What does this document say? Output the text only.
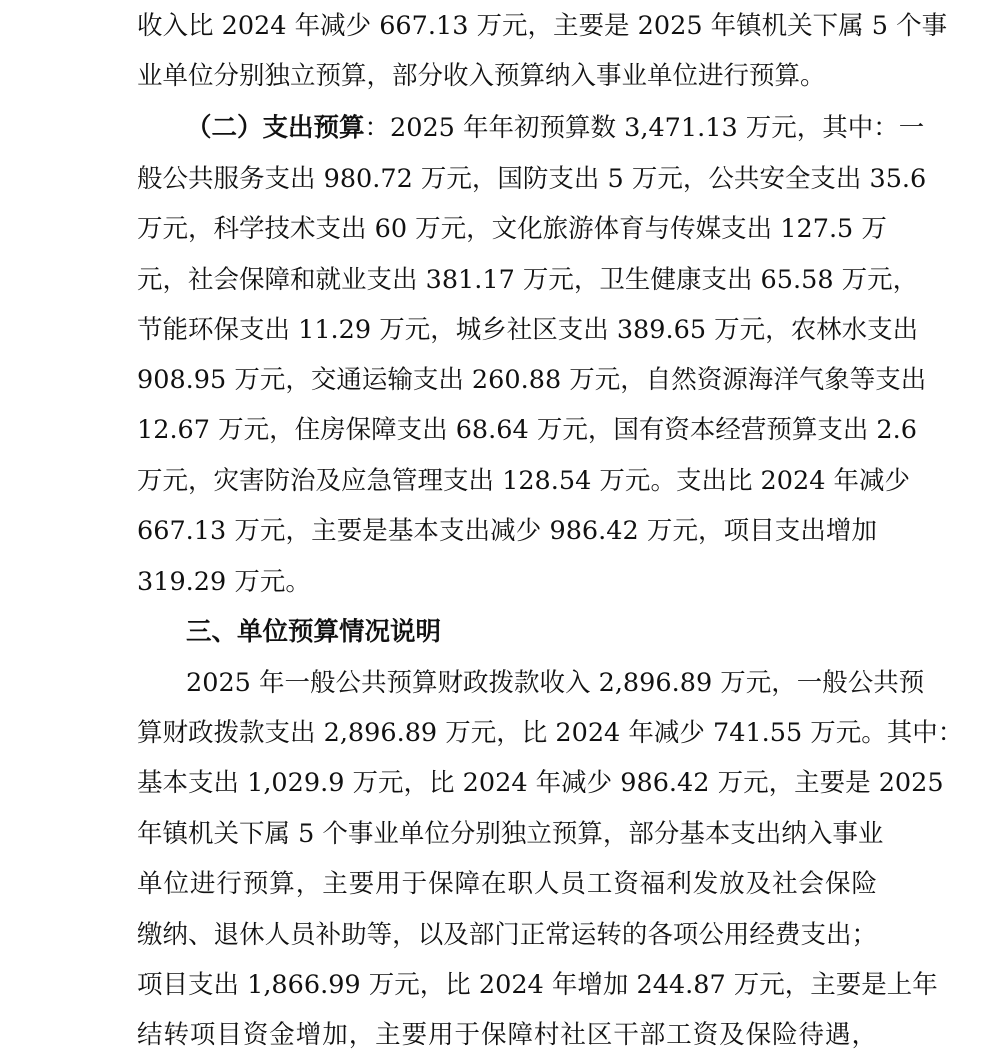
收入比 2024 年减少 667.13 万元，主要是 2025 年镇机关下属 5 个事
业单位分别独立预算，部分收入预算纳入事业单位进行预算。
（二）支出预算：2025 年年初预算数 3,471.13 万元，其中：一
般公共服务支出 980.72 万元，国防支出 5 万元，公共安全支出 35.6
万元，科学技术支出 60 万元，文化旅游体育与传媒支出 127.5 万
元，社会保障和就业支出 381.17 万元，卫生健康支出 65.58 万元，
节能环保支出 11.29 万元，城乡社区支出 389.65 万元，农林水支出
908.95 万元，交通运输支出 260.88 万元，自然资源海洋气象等支出
12.67 万元，住房保障支出 68.64 万元，国有资本经营预算支出 2.6
万元，灾害防治及应急管理支出 128.54 万元。支出比 2024 年减少
667.13 万元，主要是基本支出减少 986.42 万元，项目支出增加
319.29 万元。
三、单位预算情况说明
2025 年一般公共预算财政拨款收入 2,896.89 万元，一般公共预
算财政拨款支出 2,896.89 万元，比 2024 年减少 741.55 万元。其中：
基本支出 1,029.9 万元，比 2024 年减少 986.42 万元，主要是 2025
年镇机关下属 5 个事业单位分别独立预算，部分基本支出纳入事业
单位进行预算，主要用于保障在职人员工资福利发放及社会保险
缴纳、退休人员补助等，以及部门正常运转的各项公用经费支出；
项目支出 1,866.99 万元，比 2024 年增加 244.87 万元，主要是上年
结转项目资金增加，主要用于保障村社区干部工资及保险待遇，
